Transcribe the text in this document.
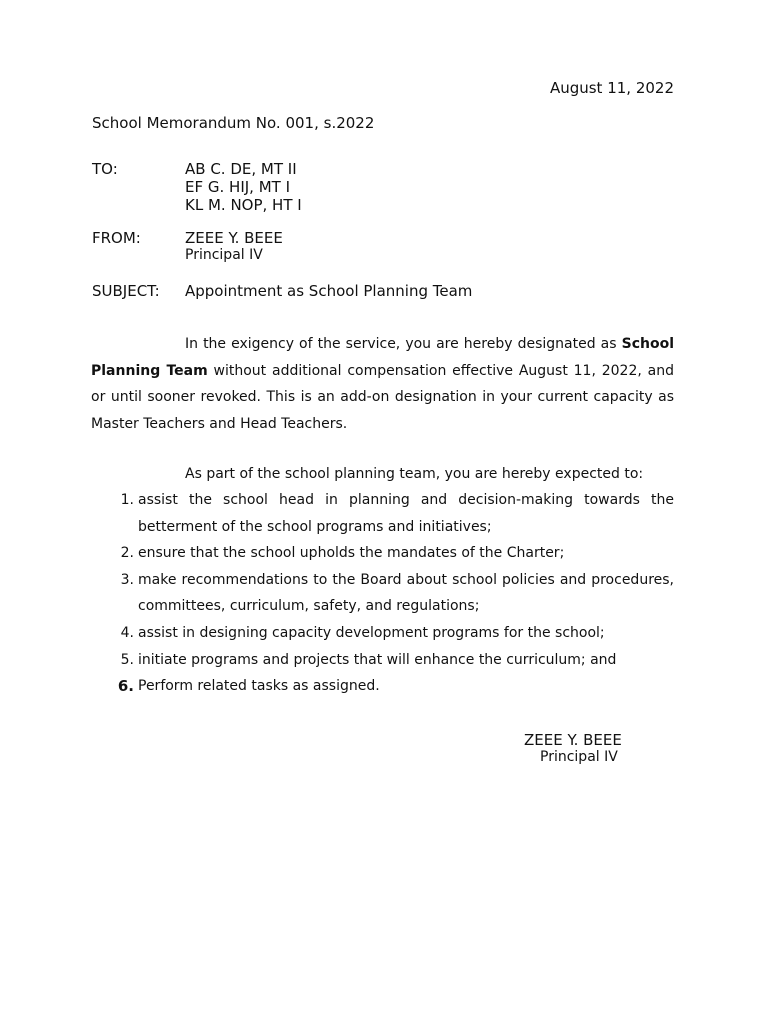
August 11, 2022
School Memorandum No. 001, s.2022
TO:	AB C. DE, MT II
EF G. HIJ, MT I
KL M. NOP, HT I
FROM:	ZEEE Y. BEEE
Principal IV
SUBJECT: Appointment as School Planning Team
In the exigency of the service, you are hereby designated as School Planning Team without additional compensation effective August 11, 2022, and or until sooner revoked. This is an add-on designation in your current capacity as Master Teachers and Head Teachers.
As part of the school planning team, you are hereby expected to:
1. assist the school head in planning and decision-making towards the betterment of the school programs and initiatives;
2. ensure that the school upholds the mandates of the Charter;
3. make recommendations to the Board about school policies and procedures, committees, curriculum, safety, and regulations;
4. assist in designing capacity development programs for the school;
5. initiate programs and projects that will enhance the curriculum; and
6. Perform related tasks as assigned.
ZEEE Y. BEEE
Principal IV
